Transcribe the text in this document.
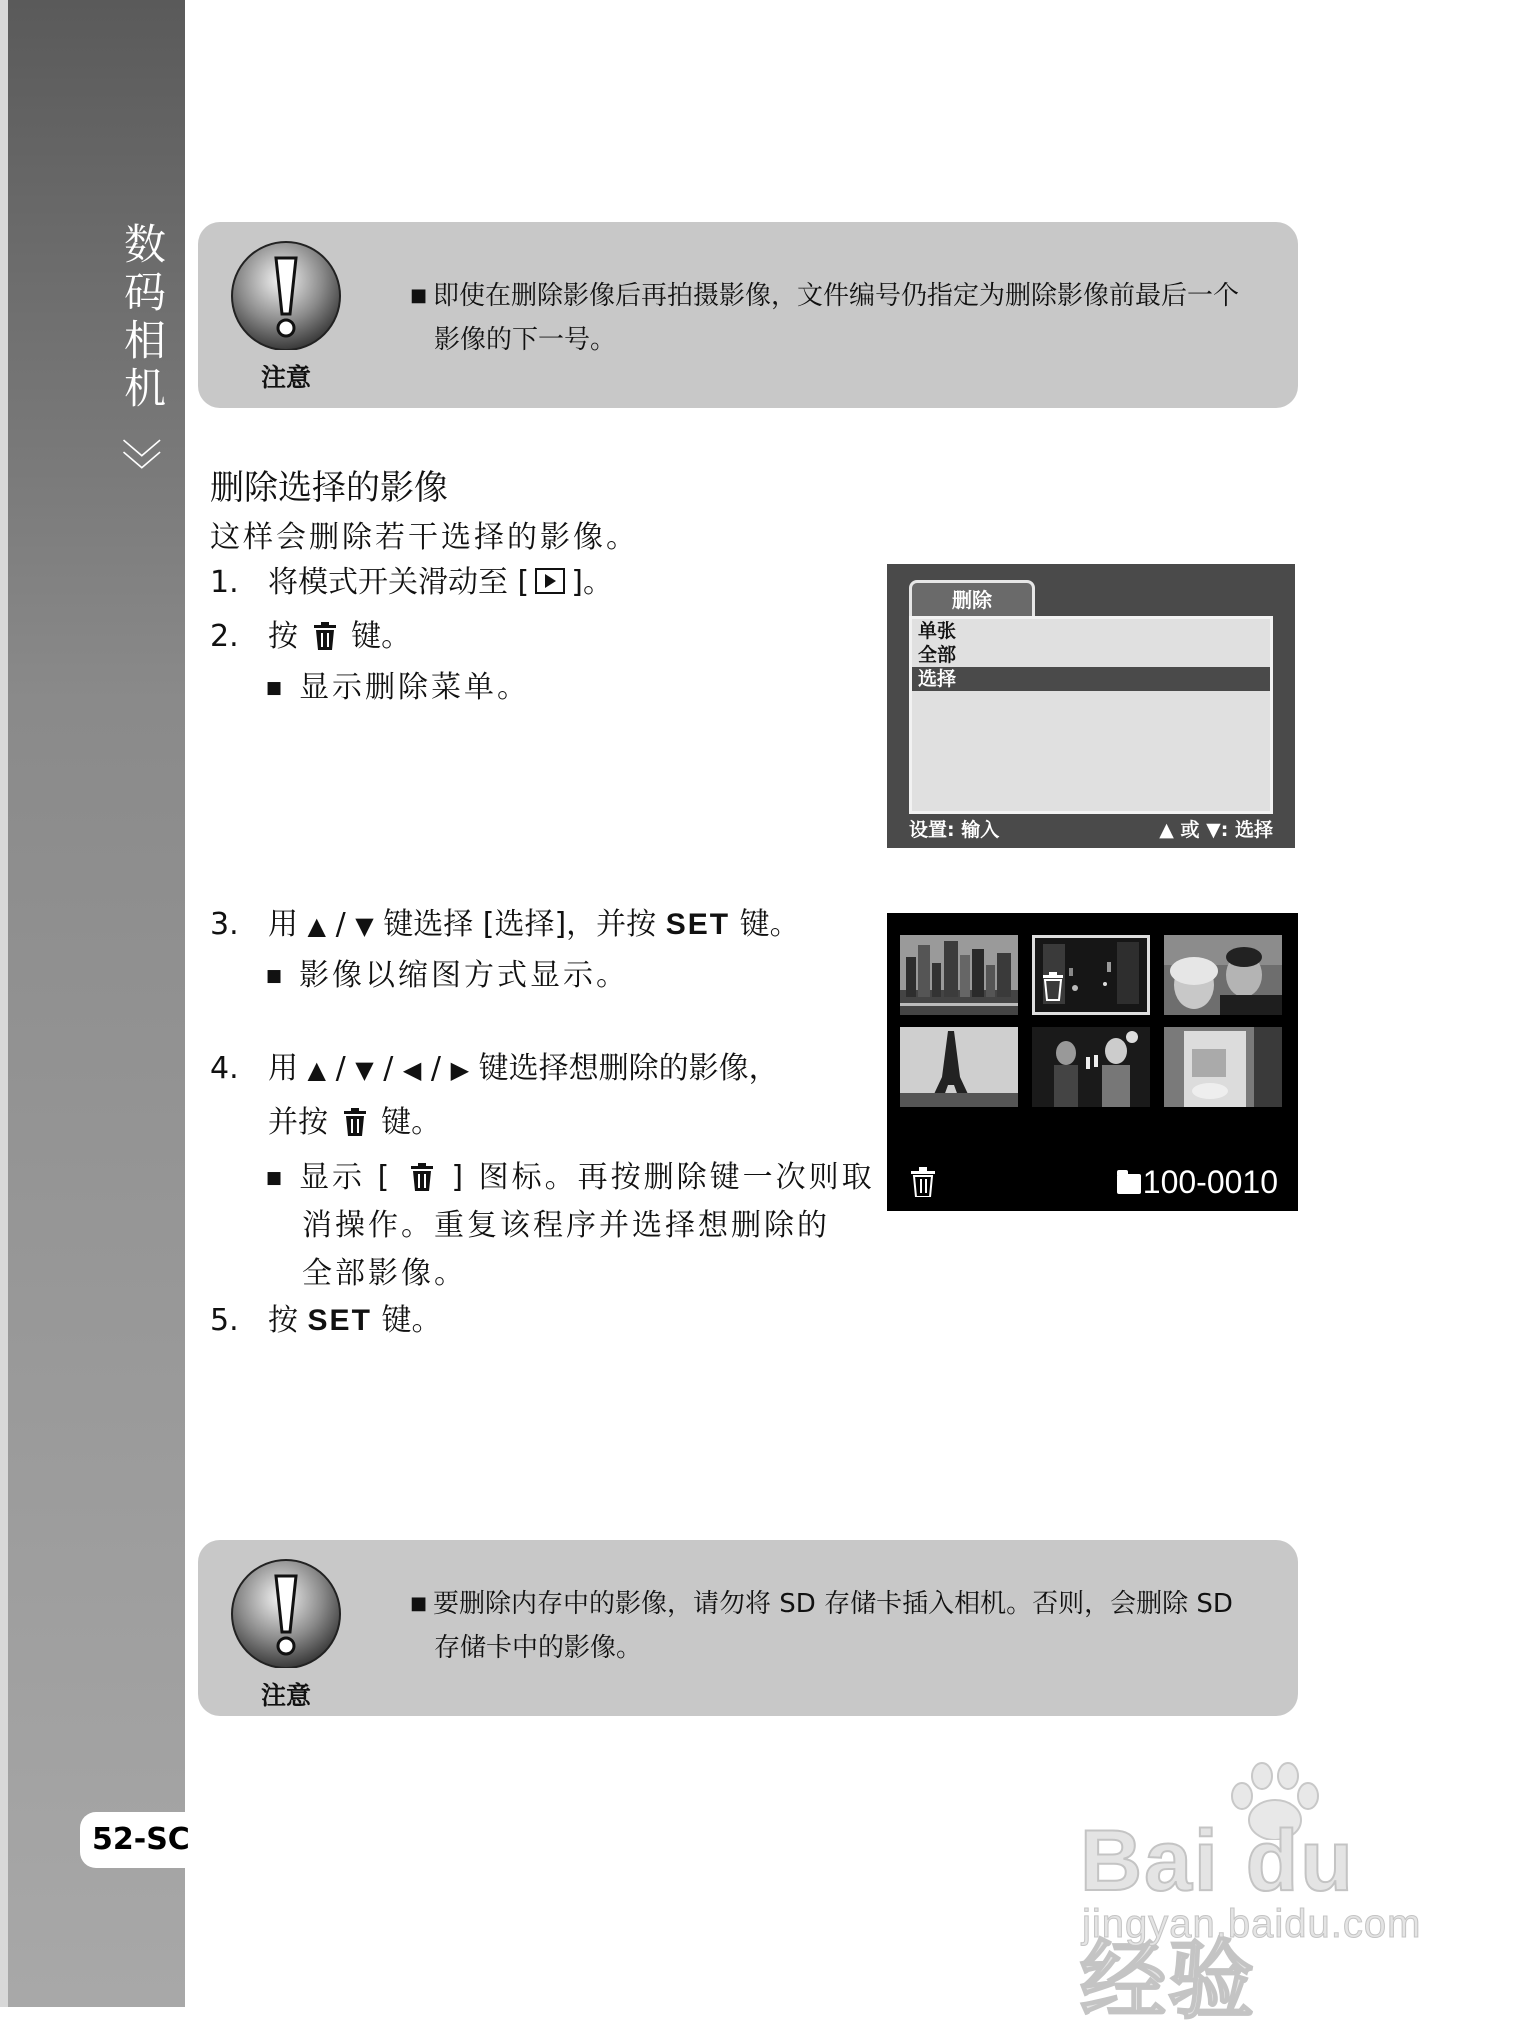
数码相机
〉〉
52-SC
注意
■ 即使在删除影像后再拍摄影像，文件编号仍指定为删除影像前最后一个
影像的下一号。
删除选择的影像
这样会删除若干选择的影像。
1. 将模式开关滑动至 [ ]。
2. 按 键。
■ 显示删除菜单。
3. 用 ▲ / ▼ 键选择 [选择]，并按 SET 键。
■ 影像以缩图方式显示。
4. 用 ▲ / ▼ / ◀ / ▶ 键选择想删除的影像，
并按 键。
■ 显示 [ ] 图标。再按删除键一次则取
消操作。重复该程序并选择想删除的
全部影像。
5. 按 SET 键。
删除
单张
全部
选择
设置: 输入	▲ 或 ▼: 选择
100-0010
注意
■ 要删除内存中的影像，请勿将 SD 存储卡插入相机。否则，会删除 SD
存储卡中的影像。
Bai du 经验
jingyan.baidu.com
